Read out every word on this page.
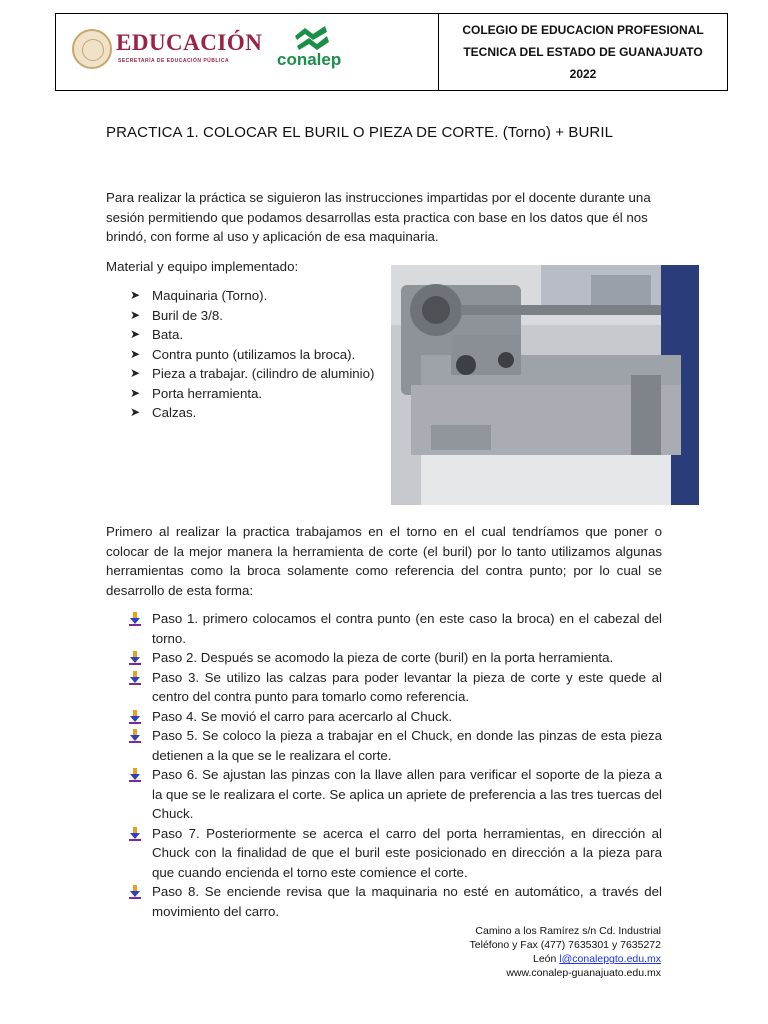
EDUCACIÓN
SECRETARÍA DE EDUCACIÓN PÚBLICA	conalep
COLEGIO DE EDUCACION PROFESIONAL
TECNICA DEL ESTADO DE GUANAJUATO
2022
PRACTICA 1. COLOCAR EL BURIL O PIEZA DE CORTE. (Torno) + BURIL

Para realizar la práctica se siguieron las instrucciones impartidas por el docente durante una sesión permitiendo que podamos desarrollas esta practica con base en los datos que él nos brindó, con forme al uso y aplicación de esa maquinaria.

Material y equipo implementado:

➤ Maquinaria (Torno).
➤ Buril de 3/8.
➤ Bata.
➤ Contra punto (utilizamos la broca).
➤ Pieza a trabajar. (cilindro de aluminio)
➤ Porta herramienta.
➤ Calzas.

Primero al realizar la practica trabajamos en el torno en el cual tendríamos que poner o colocar de la mejor manera la herramienta de corte (el buril) por lo tanto utilizamos algunas herramientas como la broca solamente como referencia del contra punto; por lo cual se desarrollo de esta forma:

Paso 1. primero colocamos el contra punto (en este caso la broca) en el cabezal del torno.
Paso 2. Después se acomodo la pieza de corte (buril) en la porta herramienta.
Paso 3. Se utilizo las calzas para poder levantar la pieza de corte y este quede al centro del contra punto para tomarlo como referencia.
Paso 4. Se movió el carro para acercarlo al Chuck.
Paso 5. Se coloco la pieza a trabajar en el Chuck, en donde las pinzas de esta pieza detienen a la que se le realizara el corte.
Paso 6. Se ajustan las pinzas con la llave allen para verificar el soporte de la pieza a la que se le realizara el corte. Se aplica un apriete de preferencia a las tres tuercas del Chuck.
Paso 7. Posteriormente se acerca el carro del porta herramientas, en dirección al Chuck con la finalidad de que el buril este posicionado en dirección a la pieza para que cuando encienda el torno este comience el corte.
Paso 8. Se enciende revisa que la maquinaria no esté en automático, a través del movimiento del carro.
Camino a los Ramírez s/n Cd. Industrial
Teléfono y Fax (477) 7635301 y 7635272
León l@conalepgto.edu.mx
www.conalep-guanajuato.edu.mx
